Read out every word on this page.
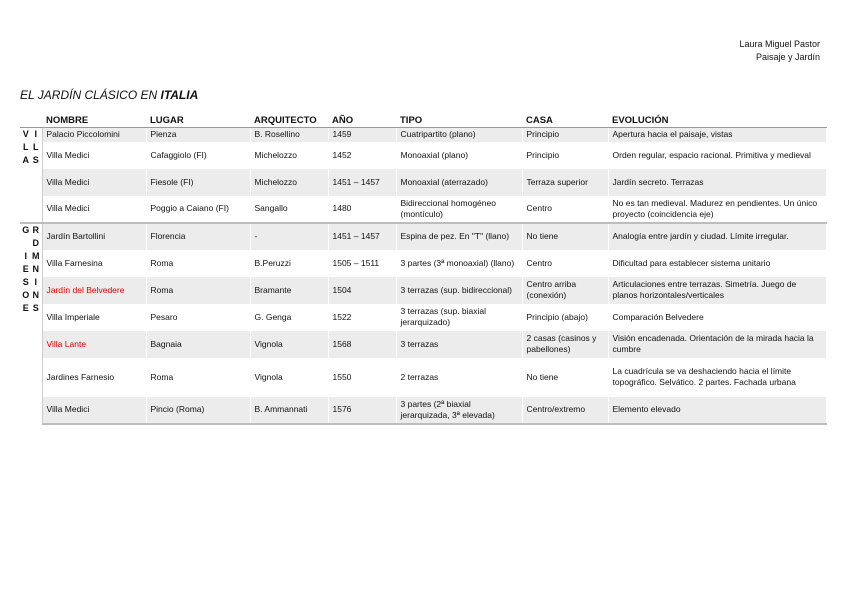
Laura Miguel Pastor
Paisaje y Jardín
EL JARDÍN CLÁSICO EN ITALIA
	NOMBRE	LUGAR	ARQUITECTO	AÑO	TIPO	CASA	EVOLUCIÓN
V IL LA S	Palacio Piccolomini	Pienza	B. Rosellino	1459	Cuatripartito (plano)	Principio	Apertura hacia el paisaje, vistas
	Villa Medici	Cafaggiolo (FI)	Michelozzo	1452	Monoaxial (plano)	Principio	Orden regular, espacio racional. Primitiva y medieval
	Villa Medici	Fiesole (FI)	Michelozzo	1451 – 1457	Monoaxial (aterrazado)	Terraza superior	Jardín secreto. Terrazas
	Villa Medici	Poggio a Caiano (FI)	Sangallo	1480	Bidireccional homogéneo (montículo)	Centro	No es tan medieval. Madurez en pendientes. Un único proyecto (coincidencia eje)
G RDI ME NS IO NE S	Jardín Bartollini	Florencia	-	1451 – 1457	Espina de pez. En "T" (llano)	No tiene	Analogía entre jardín y ciudad. Límite irregular.
	Villa Farnesina	Roma	B.Peruzzi	1505 – 1511	3 partes (3ª monoaxial) (llano)	Centro	Dificultad para establecer sistema unitario
	Jardín del Belvedere	Roma	Bramante	1504	3 terrazas (sup. bidireccional)	Centro arriba (conexión)	Articulaciones entre terrazas. Simetría. Juego de planos horizontales/verticales
	Villa Imperiale	Pesaro	G. Genga	1522	3 terrazas (sup. biaxial jerarquizado)	Principio (abajo)	Comparación Belvedere
	Villa Lante	Bagnaia	Vignola	1568	3 terrazas	2 casas (casinos y pabellones)	Visión encadenada. Orientación de la mirada hacia la cumbre
	Jardines Farnesio	Roma	Vignola	1550	2 terrazas	No tiene	La cuadrícula se va deshaciendo hacia el límite topográfico. Selvático. 2 partes. Fachada urbana
	Villa Medici	Pincio (Roma)	B. Ammannati	1576	3 partes (2ª biaxial jerarquizada, 3ª elevada)	Centro/extremo	Elemento elevado
